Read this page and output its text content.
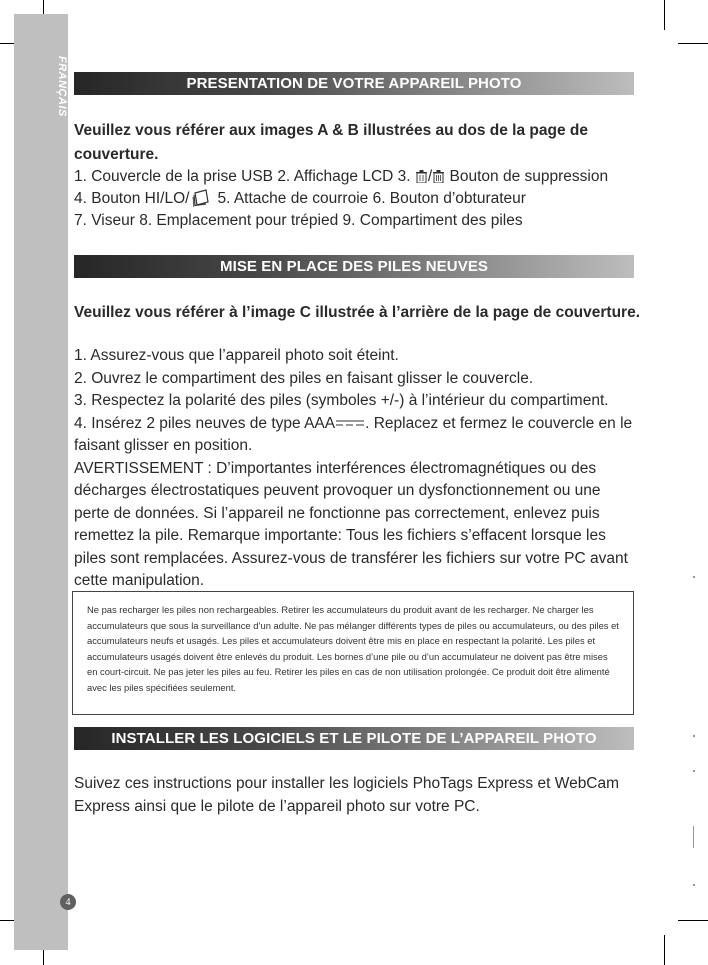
FRANÇAIS
4
PRESENTATION DE VOTRE APPAREIL PHOTO
Veuillez vous référer aux images A & B illustrées au dos de la page de
couverture.
1. Couvercle de la prise USB 2. Affichage LCD 3. / Bouton de suppression
4. Bouton HI/LO/ 5. Attache de courroie 6. Bouton d’obturateur
7. Viseur 8. Emplacement pour trépied 9. Compartiment des piles
MISE EN PLACE DES PILES NEUVES
Veuillez vous référer à l’image C illustrée à l’arrière de la page de couverture.
1. Assurez-vous que l’appareil photo soit éteint.
2. Ouvrez le compartiment des piles en faisant glisser le couvercle.
3. Respectez la polarité des piles (symboles +/-) à l’intérieur du compartiment.
4. Insérez 2 piles neuves de type AAA . Replacez et fermez le couvercle en le faisant glisser en position.
AVERTISSEMENT : D’importantes interférences électromagnétiques ou des décharges électrostatiques peuvent provoquer un dysfonctionnement ou une perte de données. Si l’appareil ne fonctionne pas correctement, enlevez puis remettez la pile. Remarque importante: Tous les fichiers s’effacent lorsque les piles sont remplacées. Assurez-vous de transférer les fichiers sur votre PC avant cette manipulation.
Ne pas recharger les piles non rechargeables. Retirer les accumulateurs du produit avant de les recharger. Ne charger les accumulateurs que sous la surveillance d’un adulte. Ne pas mélanger différents types de piles ou accumulateurs, ou des piles et accumulateurs neufs et usagés. Les piles et accumulateurs doivent être mis en place en respectant la polarité. Les piles et accumulateurs usagés doivent être enlevés du produit. Les bornes d’une pile ou d’un accumulateur ne doivent pas être mises en court-circuit. Ne pas jeter les piles au feu. Retirer les piles en cas de non utilisation prolongée. Ce produit doit être alimenté avec les piles spécifiées seulement.
INSTALLER LES LOGICIELS ET LE PILOTE DE L’APPAREIL PHOTO
Suivez ces instructions pour installer les logiciels PhoTags Express et WebCam Express ainsi que le pilote de l’appareil photo sur votre PC.
